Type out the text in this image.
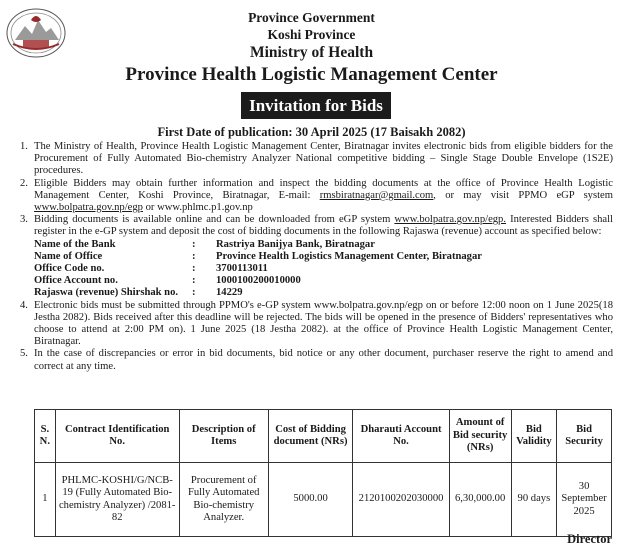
Province Government
Koshi Province
Ministry of Health
Province Health Logistic Management Center
Invitation for Bids
First Date of publication: 30 April 2025 (17 Baisakh 2082)

1. The Ministry of Health, Province Health Logistic Management Center, Biratnagar invites electronic bids from eligible bidders for the Procurement of Fully Automated Bio-chemistry Analyzer National competitive bidding – Single Stage Double Envelope (1S2E) procedures.

2. Eligible Bidders may obtain further information and inspect the bidding documents at the office of Province Health Logistic Management Center, Koshi Province, Biratnagar, E-mail: rmsbiratnagar@gmail.com, or may visit PPMO eGP system www.bolpatra.gov.np/egp or www.phlmc.p1.gov.np

3. Bidding documents is available online and can be downloaded from eGP system www.bolpatra.gov.np/egp. Interested Bidders shall register in the e-GP system and deposit the cost of bidding documents in the following Rajaswa (revenue) account as specified below:

Name of the Bank	:	Rastriya Banijya Bank, Biratnagar
Name of Office	:	Province Health Logistics Management Center, Biratnagar
Office Code no.	:	3700113011
Office Account no.	:	1000100200010000
Rajaswa (revenue) Shirshak no.	:	14229

4. Electronic bids must be submitted through PPMO's e-GP system www.bolpatra.gov.np/egp on or before 12:00 noon on 1 June 2025(18 Jestha 2082). Bids received after this deadline will be rejected. The bids will be opened in the presence of Bidders' representatives who choose to attend at 2:00 PM on). 1 June 2025 (18 Jestha 2082). at the office of Province Health Logistic Management Center, Biratnagar.

5. In the case of discrepancies or error in bid documents, bid notice or any other document, purchaser reserve the right to amend and correct at any time.

S. N.	Contract Identification No.	Description of Items	Cost of Bidding document (NRs)	Dharauti Account No.	Amount of Bid security (NRs)	Bid Validity	Bid Security
1	PHLMC-KOSHI/G/NCB-19 (Fully Automated Bio-chemistry Analyzer) /2081-82	Procurement of Fully Automated Bio-chemistry Analyzer.	5000.00	2120100202030000	6,30,000.00	90 days	30 September 2025
Director
